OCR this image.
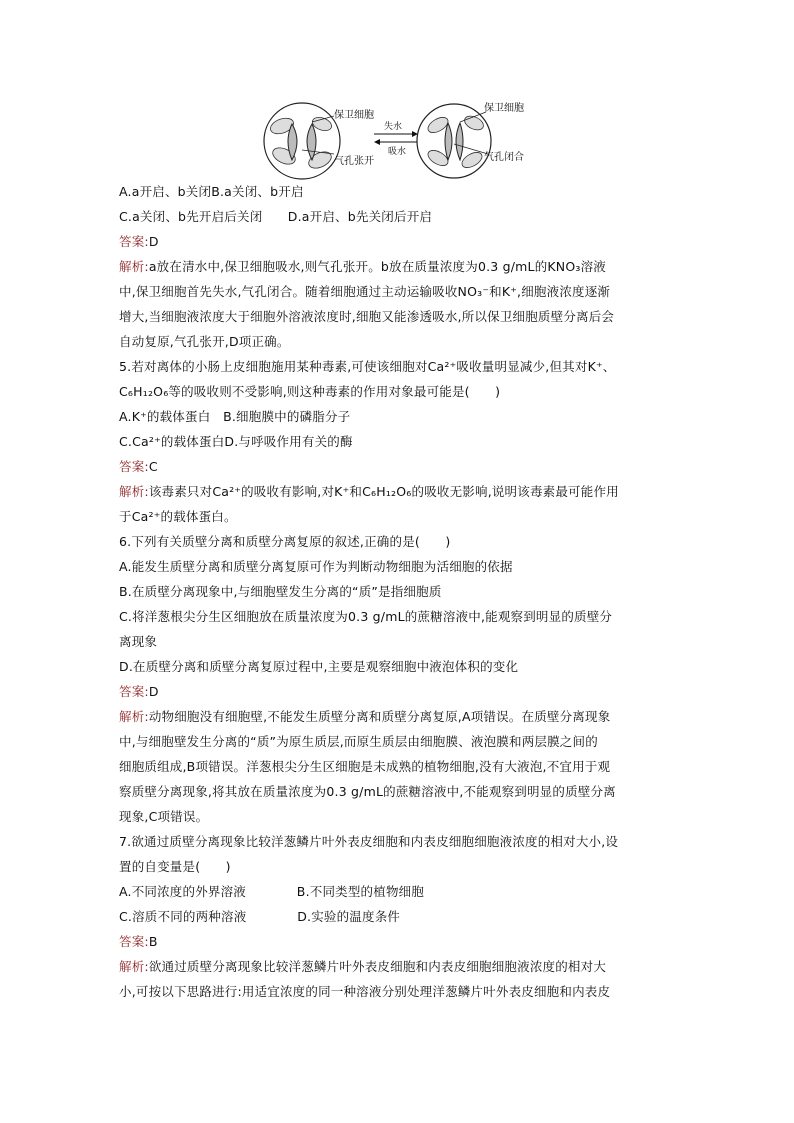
保卫细胞
气孔张开
失水
吸水
保卫细胞
气孔闭合
A.a开启、b关闭B.a关闭、b开启
C.a关闭、b先开启后关闭　　D.a开启、b先关闭后开启
答案:D
解析:a放在清水中,保卫细胞吸水,则气孔张开。b放在质量浓度为0.3 g/mL的KNO₃溶液
中,保卫细胞首先失水,气孔闭合。随着细胞通过主动运输吸收NO₃⁻和K⁺,细胞液浓度逐渐
增大,当细胞液浓度大于细胞外溶液浓度时,细胞又能渗透吸水,所以保卫细胞质壁分离后会
自动复原,气孔张开,D项正确。
5.若对离体的小肠上皮细胞施用某种毒素,可使该细胞对Ca²⁺吸收量明显减少,但其对K⁺、
C₆H₁₂O₆等的吸收则不受影响,则这种毒素的作用对象最可能是(　　)
A.K⁺的载体蛋白　B.细胞膜中的磷脂分子
C.Ca²⁺的载体蛋白D.与呼吸作用有关的酶
答案:C
解析:该毒素只对Ca²⁺的吸收有影响,对K⁺和C₆H₁₂O₆的吸收无影响,说明该毒素最可能作用
于Ca²⁺的载体蛋白。
6.下列有关质壁分离和质壁分离复原的叙述,正确的是(　　)
A.能发生质壁分离和质壁分离复原可作为判断动物细胞为活细胞的依据
B.在质壁分离现象中,与细胞壁发生分离的“质”是指细胞质
C.将洋葱根尖分生区细胞放在质量浓度为0.3 g/mL的蔗糖溶液中,能观察到明显的质壁分
离现象
D.在质壁分离和质壁分离复原过程中,主要是观察细胞中液泡体积的变化
答案:D
解析:动物细胞没有细胞壁,不能发生质壁分离和质壁分离复原,A项错误。在质壁分离现象
中,与细胞壁发生分离的“质”为原生质层,而原生质层由细胞膜、液泡膜和两层膜之间的
细胞质组成,B项错误。洋葱根尖分生区细胞是未成熟的植物细胞,没有大液泡,不宜用于观
察质壁分离现象,将其放在质量浓度为0.3 g/mL的蔗糖溶液中,不能观察到明显的质壁分离
现象,C项错误。
7.欲通过质壁分离现象比较洋葱鳞片叶外表皮细胞和内表皮细胞细胞液浓度的相对大小,设
置的自变量是(　　)
A.不同浓度的外界溶液　　　　B.不同类型的植物细胞
C.溶质不同的两种溶液　　　　D.实验的温度条件
答案:B
解析:欲通过质壁分离现象比较洋葱鳞片叶外表皮细胞和内表皮细胞细胞液浓度的相对大
小,可按以下思路进行:用适宜浓度的同一种溶液分别处理洋葱鳞片叶外表皮细胞和内表皮
